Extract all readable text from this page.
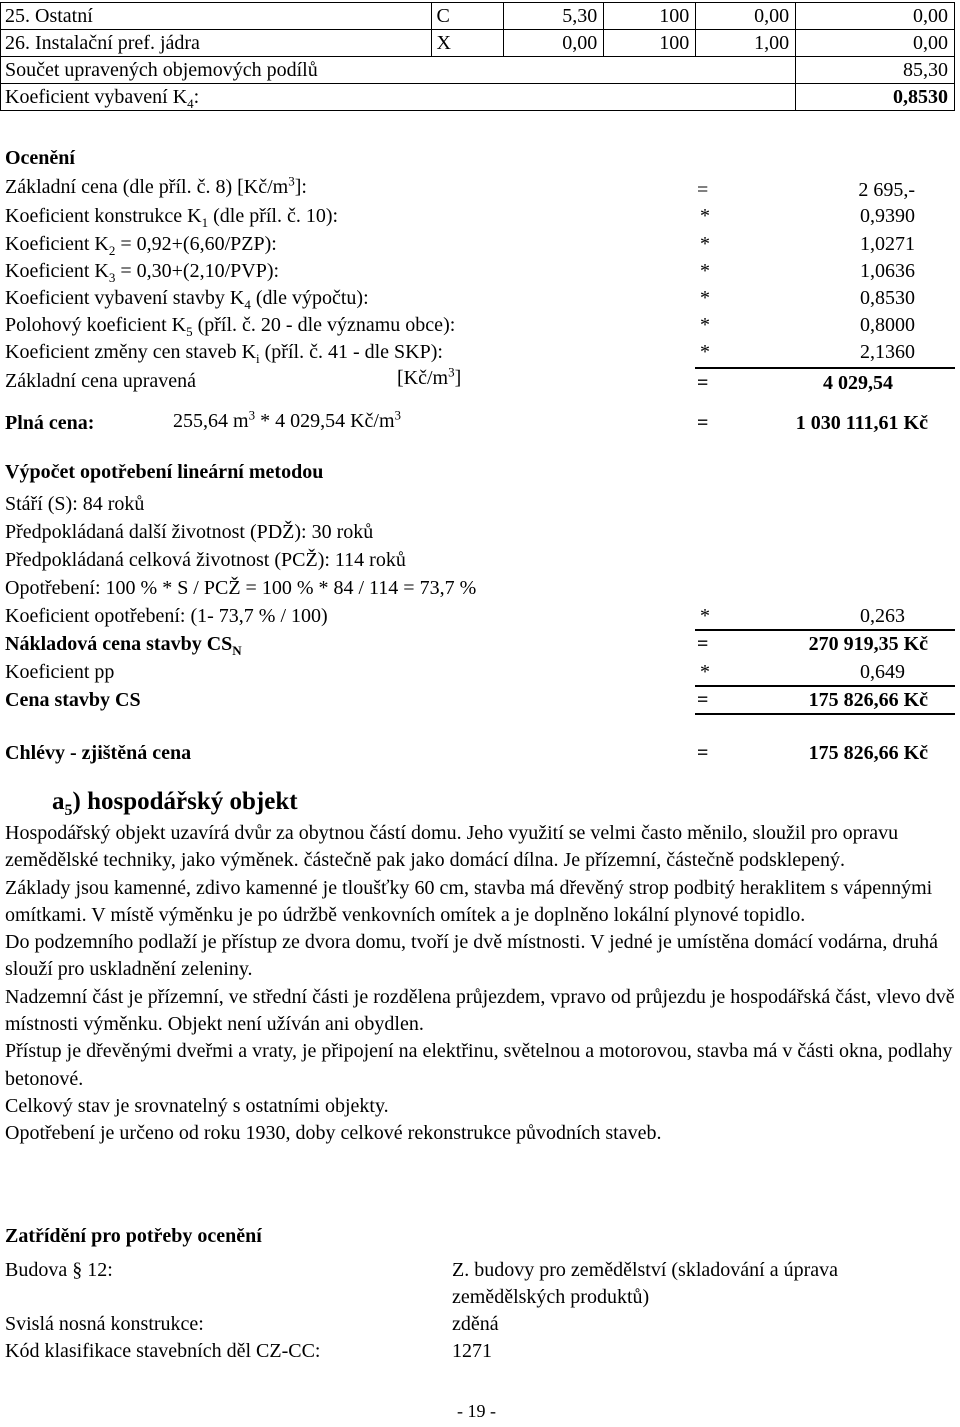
25. Ostatní	C	5,30	100	0,00	0,00
26. Instalační pref. jádra	X	0,00	100	1,00	0,00
Součet upravených objemových podílů					85,30
Koeficient vybavení $K_4$:					0,8530
Ocenění
Základní cena (dle příl. č. 8) $[Kč/m^3]$:	=	2 695,-
Koeficient konstrukce $K_1$ (dle příl. č. 10):	*	0,9390
Koeficient $K_2 = 0,92+(6,60/PZP)$:	*	1,0271
Koeficient $K_3 = 0,30+(2,10/PVP)$:	*	1,0636
Koeficient vybavení stavby $K_4$ (dle výpočtu):	*	0,8530
Polohový koeficient $K_5$ (příl. č. 20 - dle významu obce):	*	0,8000
Koeficient změny cen staveb $K_i$ (příl. č. 41 - dle SKP):	*	2,1360
Základní cena upravená	$[Kč/m^3]$	=	4 029,54
Plná cena:	255,64 $m^3 * 4$ 029,54 $Kč/m^3$	=	1 030 111,61 Kč
Výpočet opotřebení lineární metodou
Stáří (S): 84 roků
Předpokládaná další životnost (PDŽ): 30 roků
Předpokládaná celková životnost (PCŽ): 114 roků
Opotřebení: 100 % * S / PCŽ = 100 % * 84 / 114 = 73,7 %
Koeficient opotřebení: (1- 73,7 % / 100)	*	0,263
Nákladová cena stavby $CS_N$	=	270 919,35 Kč
Koeficient pp	*	0,649
Cena stavby CS	=	175 826,66 Kč
Chlévy - zjištěná cena	=	175 826,66 Kč
$a_5$) hospodářský objekt

Hospodářský objekt uzavírá dvůr za obytnou částí domu. Jeho využití se velmi často měnilo, sloužil pro opravu zemědělské techniky, jako výměnek. částečně pak jako domácí dílna. Je přízemní, částečně podsklepený.

Základy jsou kamenné, zdivo kamenné je tloušťky 60 cm, stavba má dřevěný strop podbitý heraklitem s vápennými omítkami. V místě výměnku je po údržbě venkovních omítek a je doplněno lokální plynové topidlo.

Do podzemního podlaží je přístup ze dvora domu, tvoří je dvě místnosti. V jedné je umístěna domácí vodárna, druhá slouží pro uskladnění zeleniny.

Nadzemní část je přízemní, ve střední části je rozdělena průjezdem, vpravo od průjezdu je hospodářská část, vlevo dvě místnosti výměnku. Objekt není užíván ani obydlen.

Přístup je dřevěnými dveřmi a vraty, je připojení na elektřinu, světelnou a motorovou, stavba má v části okna, podlahy betonové.

Celkový stav je srovnatelný s ostatními objekty.

Opotřebení je určeno od roku 1930, doby celkové rekonstrukce původních staveb.

Zatřídění pro potřeby ocenění
Budova § 12:	Z. budovy pro zemědělství (skladování a úprava
zemědělských produktů)
Svislá nosná konstrukce:	zděná
Kód klasifikace stavebních děl CZ-CC:	1271
- 19 -
